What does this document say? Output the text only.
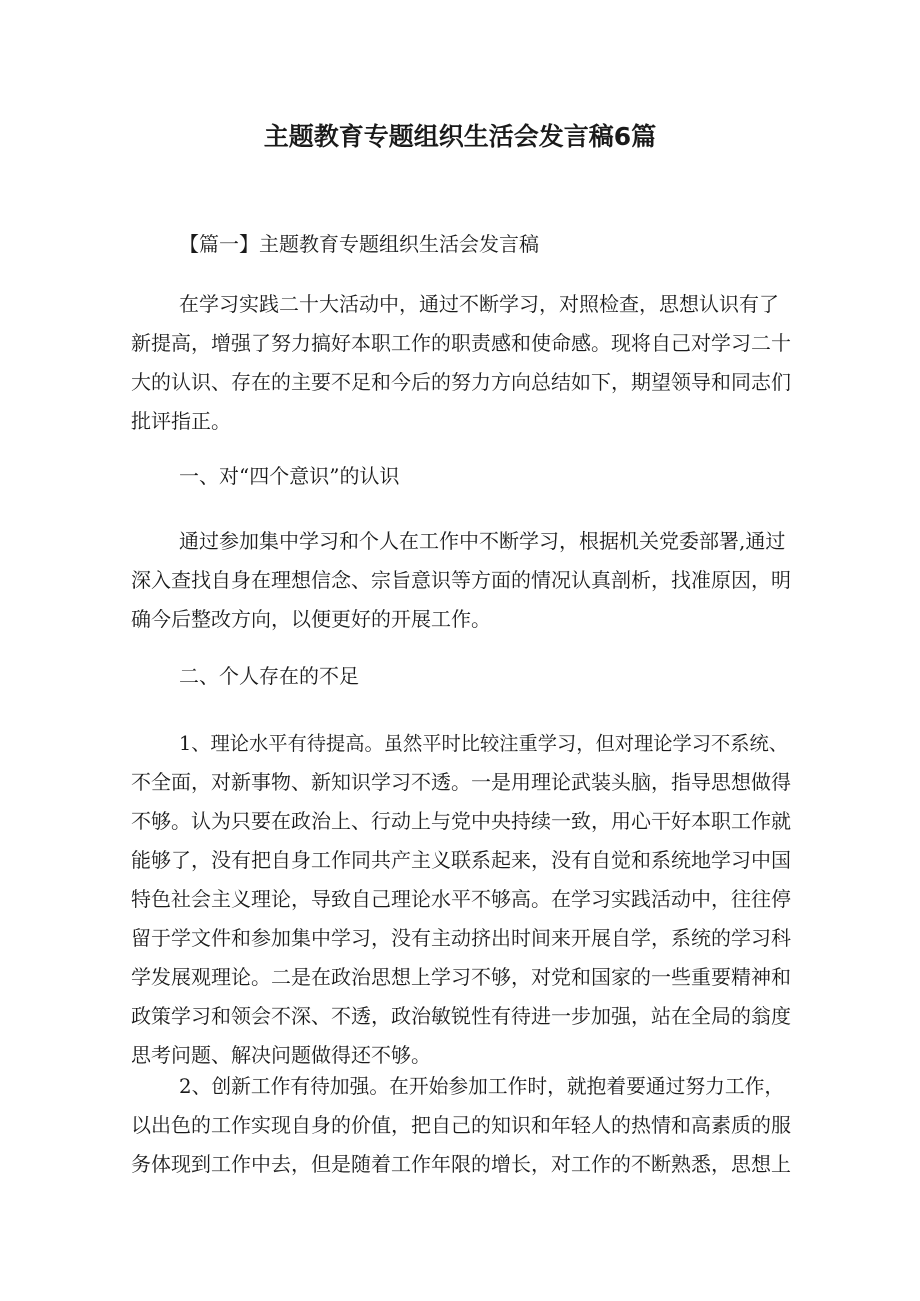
主题教育专题组织生活会发言稿6篇

【篇一】主题教育专题组织生活会发言稿

在学习实践二十大活动中，通过不断学习，对照检查，思想认识有了
新提高，增强了努力搞好本职工作的职责感和使命感。现将自己对学习二十
大的认识、存在的主要不足和今后的努力方向总结如下，期望领导和同志们
批评指正。

一、对“四个意识”的认识

通过参加集中学习和个人在工作中不断学习，根据机关党委部署,通过
深入查找自身在理想信念、宗旨意识等方面的情况认真剖析，找准原因，明
确今后整改方向，以便更好的开展工作。

二、个人存在的不足

1、理论水平有待提高。虽然平时比较注重学习，但对理论学习不系统、
不全面，对新事物、新知识学习不透。一是用理论武装头脑，指导思想做得
不够。认为只要在政治上、行动上与党中央持续一致，用心干好本职工作就
能够了，没有把自身工作同共产主义联系起来，没有自觉和系统地学习中国
特色社会主义理论，导致自己理论水平不够高。在学习实践活动中，往往停
留于学文件和参加集中学习，没有主动挤出时间来开展自学，系统的学习科
学发展观理论。二是在政治思想上学习不够，对党和国家的一些重要精神和
政策学习和领会不深、不透，政治敏锐性有待进一步加强，站在全局的翁度
思考问题、解决问题做得还不够。
2、创新工作有待加强。在开始参加工作时，就抱着要通过努力工作，
以出色的工作实现自身的价值，把自己的知识和年轻人的热情和高素质的服
务体现到工作中去，但是随着工作年限的增长，对工作的不断熟悉，思想上
